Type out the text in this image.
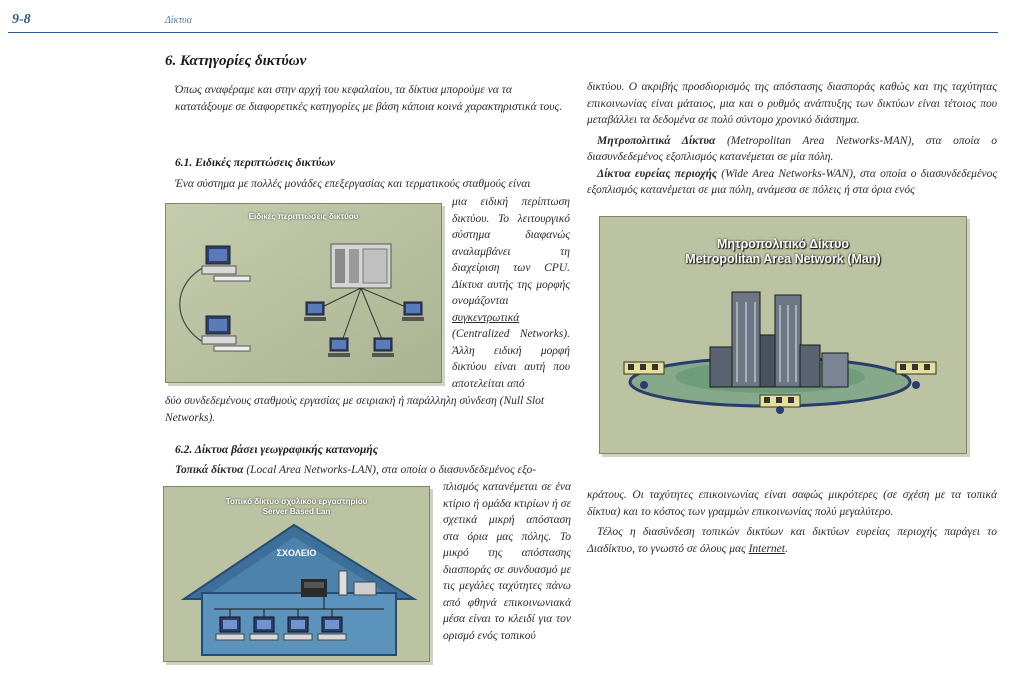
9-8	Δίκτυα
6. Κατηγορίες δικτύων

Όπως αναφέραμε και στην αρχή του κεφαλαίου, τα δίκτυα μπορούμε να τα κατατάξουμε σε διαφορετικές κατηγορίες με βάση κάποια κοινά χαρακτηριστικά τους.

6.1. Ειδικές περιπτώσεις δικτύων

Ένα σύστημα με πολλές μονάδες επεξεργασίας και τερματικούς σταθμούς είναι

Ειδικές περιπτώσεις δικτύου

μια ειδική περίπτωση δικτύου. Το λειτουργικό σύστημα διαφανώς αναλαμβάνει τη διαχείριση των CPU. Δίκτυα αυτής της μορφής ονομάζονται συγκεντρωτικά (Centralized Networks). Άλλη ειδική μορφή δικτύου είναι αυτή που αποτελείται από

δύο συνδεδεμένους σταθμούς εργασίας με σειριακή ή παράλληλη σύνδεση (Null Slot Networks).

6.2. Δίκτυα βάσει γεωγραφικής κατανομής

Τοπικά δίκτυα (Local Area Networks-LAN), στα οποία ο διασυνδεδεμένος εξο-

Τοπικό δίκτυο σχολικού εργαστηρίου
Server Based Lan
ΣΧΟΛΕΙΟ

πλισμός κατανέμεται σε ένα κτίριο ή ομάδα κτιρίων ή σε σχετικά μικρή απόσταση στα όρια μας πόλης. Το μικρό της απόστασης διασποράς σε συνδυασμό με τις μεγάλες ταχύτητες πάνω από φθηνά επικοινωνιακά μέσα είναι το κλειδί για τον ορισμό ενός τοπικού

δικτύου. Ο ακριβής προσδιορισμός της απόστασης διασποράς καθώς και της ταχύτητας επικοινωνίας είναι μάταιος, μια και ο ρυθμός ανάπτυξης των δικτύων είναι τέτοιος που μεταβάλλει τα δεδομένα σε πολύ σύντομο χρονικό διάστημα.

Μητροπολιτικά Δίκτυα (Metropolitan Area Networks-MAN), στα οποία ο διασυνδεδεμένος εξοπλισμός κατανέμεται σε μία πόλη.

Δίκτυα ευρείας περιοχής (Wide Area Networks-WAN), στα οποία ο διασυνδεδεμένος εξοπλισμός κατανέμεται σε μια πόλη, ανάμεσα σε πόλεις ή στα όρια ενός

Μητροπολιτικό Δίκτυο
Metropolitan Area Network (Man)

κράτους. Οι ταχύτητες επικοινωνίας είναι σαφώς μικρότερες (σε σχέση με τα τοπικά δίκτυα) και το κόστος των γραμμών επικοινωνίας πολύ μεγαλύτερο.

Τέλος η διασύνδεση τοπικών δικτύων και δικτύων ευρείας περιοχής παράγει το Διαδίκτυο, το γνωστό σε όλους μας Internet.
